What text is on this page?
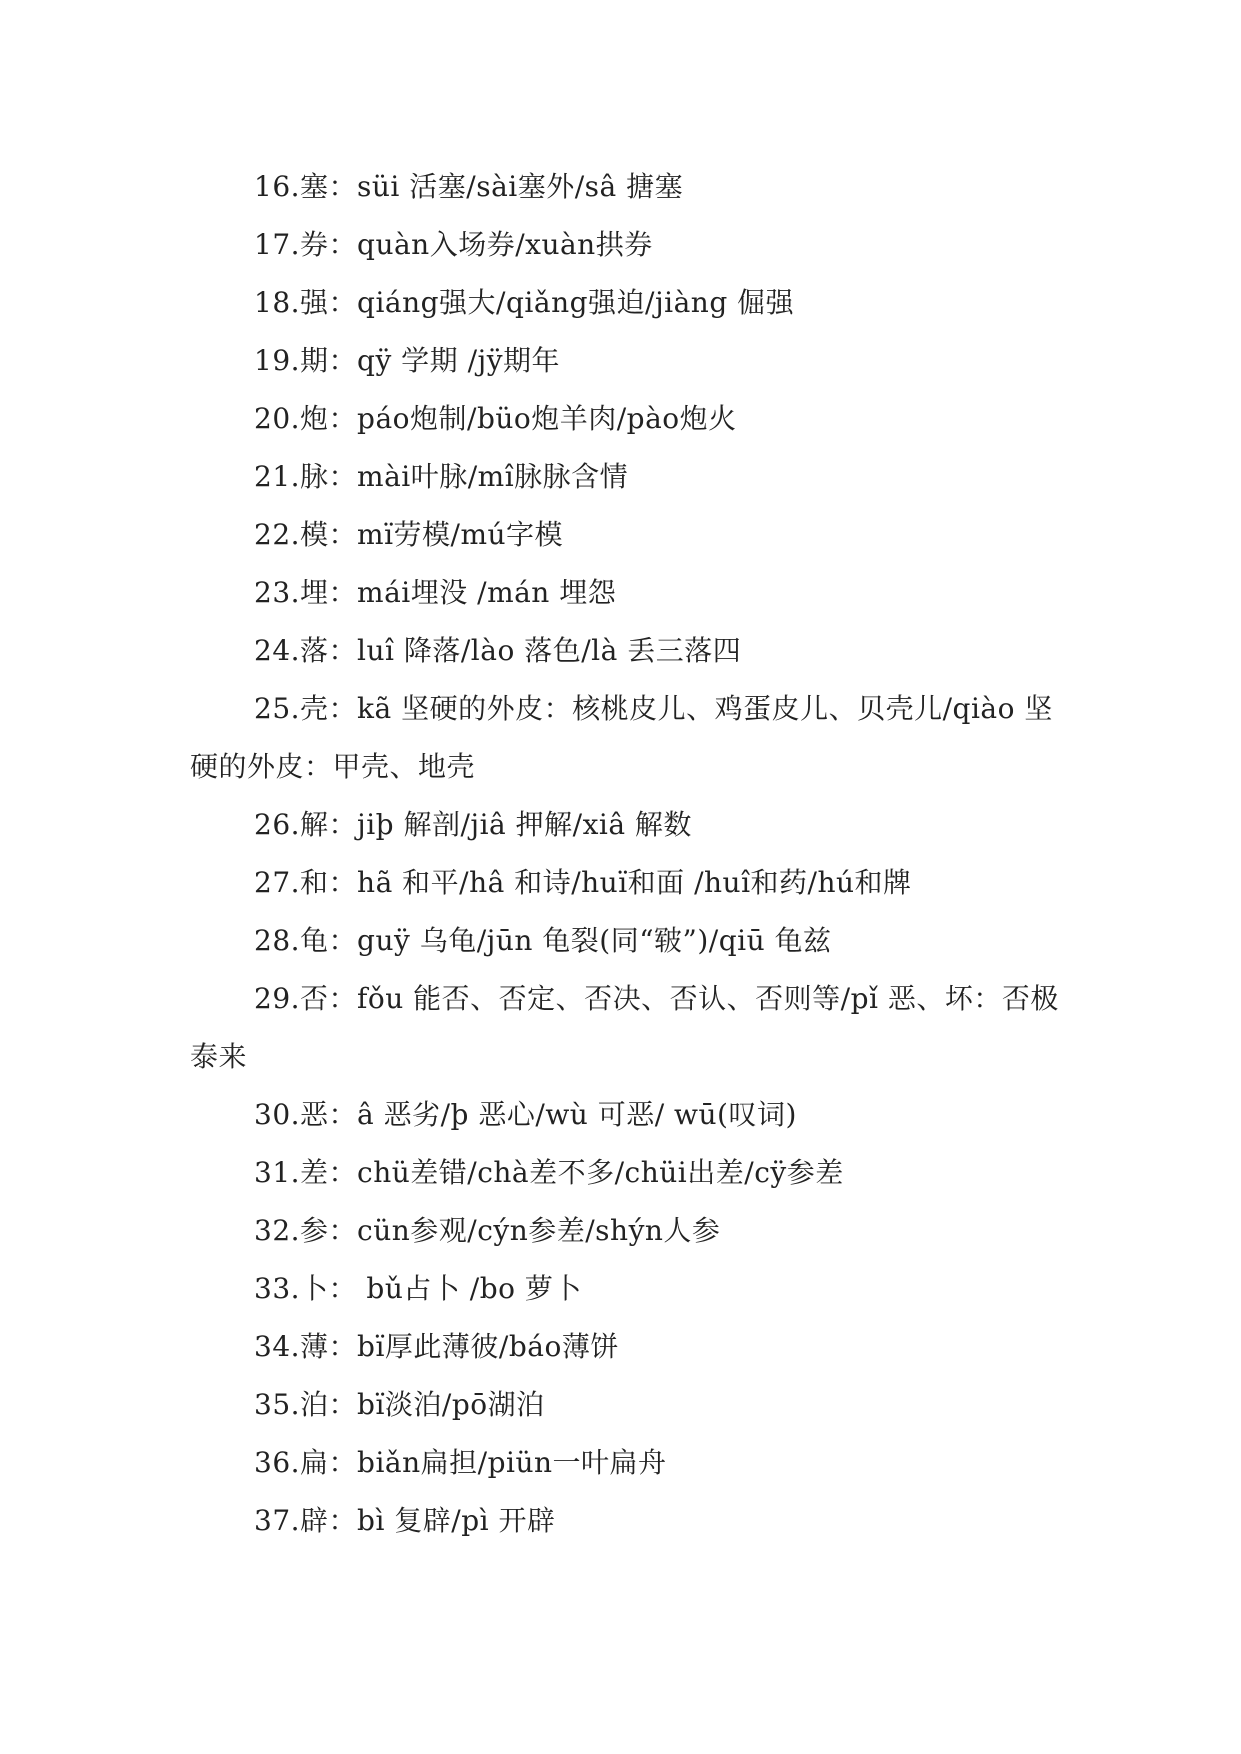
16.塞：süi 活塞/sài塞外/sâ 搪塞

17.券：quàn入场券/xuàn拱券

18.强：qiáng强大/qiǎng强迫/jiàng 倔强

19.期：qÿ 学期 /jÿ期年

20.炮：páo炮制/büo炮羊肉/pào炮火

21.脉：mài叶脉/mî脉脉含情

22.模：mï劳模/mú字模

23.埋：mái埋没 /mán 埋怨

24.落：luî 降落/lào 落色/là 丢三落四

25.壳：kã 坚硬的外皮：核桃皮儿、鸡蛋皮儿、贝壳儿/qiào 坚硬的外皮：甲壳、地壳

26.解：jiþ 解剖/jiâ 押解/xiâ 解数

27.和：hã 和平/hâ 和诗/huï和面 /huî和药/hú和牌

28.龟：guÿ 乌龟/jūn 龟裂(同“皲”)/qiū 龟兹

29.否：fǒu 能否、否定、否决、否认、否则等/pǐ 恶、坏：否极泰来

30.恶：â 恶劣/þ 恶心/wù 可恶/ wū(叹词)

31.差：chü差错/chà差不多/chüi出差/cÿ参差

32.参：cün参观/cýn参差/shýn人参

33.卜： bǔ占卜 /bo 萝卜

34.薄：bï厚此薄彼/báo薄饼

35.泊：bï淡泊/pō湖泊

36.扁：biǎn扁担/piün一叶扁舟

37.辟：bì 复辟/pì 开辟
